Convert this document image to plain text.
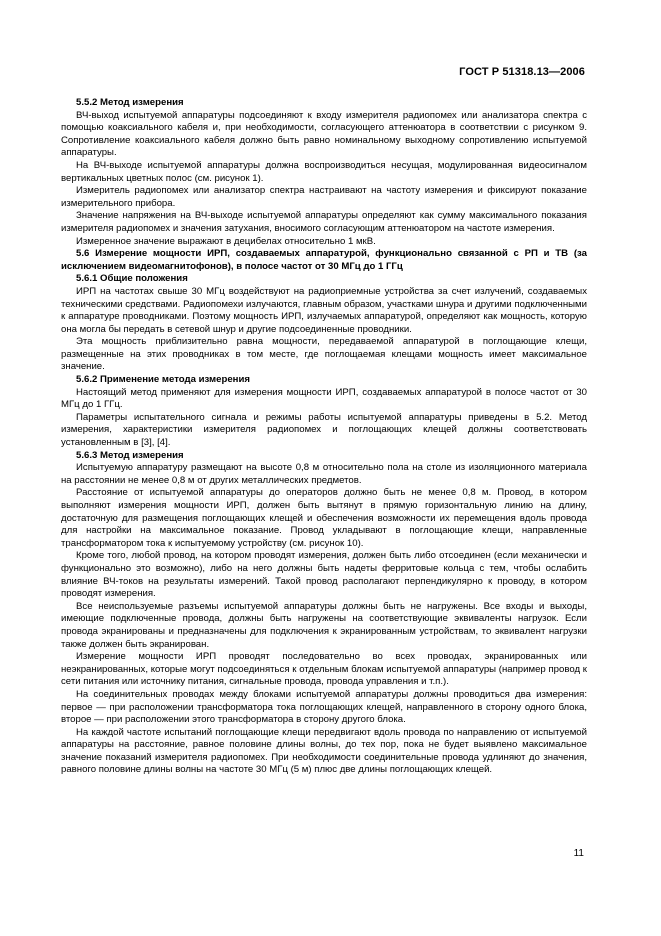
ГОСТ Р 51318.13—2006
5.5.2 Метод измерения

ВЧ-выход испытуемой аппаратуры подсоединяют к входу измерителя радиопомех или анализатора спектра с помощью коаксиального кабеля и, при необходимости, согласующего аттенюатора в соответствии с рисунком 9. Сопротивление коаксиального кабеля должно быть равно номинальному выходному сопротивлению испытуемой аппаратуры.

На ВЧ-выходе испытуемой аппаратуры должна воспроизводиться несущая, модулированная видеосигналом вертикальных цветных полос (см. рисунок 1).

Измеритель радиопомех или анализатор спектра настраивают на частоту измерения и фиксируют показание измерительного прибора.

Значение напряжения на ВЧ-выходе испытуемой аппаратуры определяют как сумму максимального показания измерителя радиопомех и значения затухания, вносимого согласующим аттенюатором на частоте измерения.

Измеренное значение выражают в децибелах относительно 1 мкВ.

5.6 Измерение мощности ИРП, создаваемых аппаратурой, функционально связанной с РП и ТВ (за исключением видеомагнитофонов), в полосе частот от 30 МГц до 1 ГГц
5.6.1 Общие положения

ИРП на частотах свыше 30 МГц воздействуют на радиоприемные устройства за счет излучений, создаваемых техническими средствами. Радиопомехи излучаются, главным образом, участками шнура и другими подключенными к аппаратуре проводниками. Поэтому мощность ИРП, излучаемых аппаратурой, определяют как мощность, которую она могла бы передать в сетевой шнур и другие подсоединенные проводники.

Эта мощность приблизительно равна мощности, передаваемой аппаратурой в поглощающие клещи, размещенные на этих проводниках в том месте, где поглощаемая клещами мощность имеет максимальное значение.

5.6.2 Применение метода измерения

Настоящий метод применяют для измерения мощности ИРП, создаваемых аппаратурой в полосе частот от 30 МГц до 1 ГГц.

Параметры испытательного сигнала и режимы работы испытуемой аппаратуры приведены в 5.2. Метод измерения, характеристики измерителя радиопомех и поглощающих клещей должны соответствовать установленным в [3], [4].

5.6.3 Метод измерения

Испытуемую аппаратуру размещают на высоте 0,8 м относительно пола на столе из изоляционного материала на расстоянии не менее 0,8 м от других металлических предметов.

Расстояние от испытуемой аппаратуры до операторов должно быть не менее 0,8 м. Провод, в котором выполняют измерения мощности ИРП, должен быть вытянут в прямую горизонтальную линию на длину, достаточную для размещения поглощающих клещей и обеспечения возможности их перемещения вдоль провода для настройки на максимальное показание. Провод укладывают в поглощающие клещи, направленные трансформатором тока к испытуемому устройству (см. рисунок 10).

Кроме того, любой провод, на котором проводят измерения, должен быть либо отсоединен (если механически и функционально это возможно), либо на него должны быть надеты ферритовые кольца с тем, чтобы ослабить влияние ВЧ-токов на результаты измерений. Такой провод располагают перпендикулярно к проводу, в котором проводят измерения.

Все неиспользуемые разъемы испытуемой аппаратуры должны быть не нагружены. Все входы и выходы, имеющие подключенные провода, должны быть нагружены на соответствующие эквиваленты нагрузок. Если провода экранированы и предназначены для подключения к экранированным устройствам, то эквивалент нагрузки также должен быть экранирован.

Измерение мощности ИРП проводят последовательно во всех проводах, экранированных или неэкранированных, которые могут подсоединяться к отдельным блокам испытуемой аппаратуры (например провод к сети питания или источнику питания, сигнальные провода, провода управления и т.п.).

На соединительных проводах между блоками испытуемой аппаратуры должны проводиться два измерения: первое — при расположении трансформатора тока поглощающих клещей, направленного в сторону одного блока, второе — при расположении этого трансформатора в сторону другого блока.

На каждой частоте испытаний поглощающие клещи передвигают вдоль провода по направлению от испытуемой аппаратуры на расстояние, равное половине длины волны, до тех пор, пока не будет выявлено максимальное значение показаний измерителя радиопомех. При необходимости соединительные провода удлиняют до значения, равного половине длины волны на частоте 30 МГц (5 м) плюс две длины поглощающих клещей.

11
